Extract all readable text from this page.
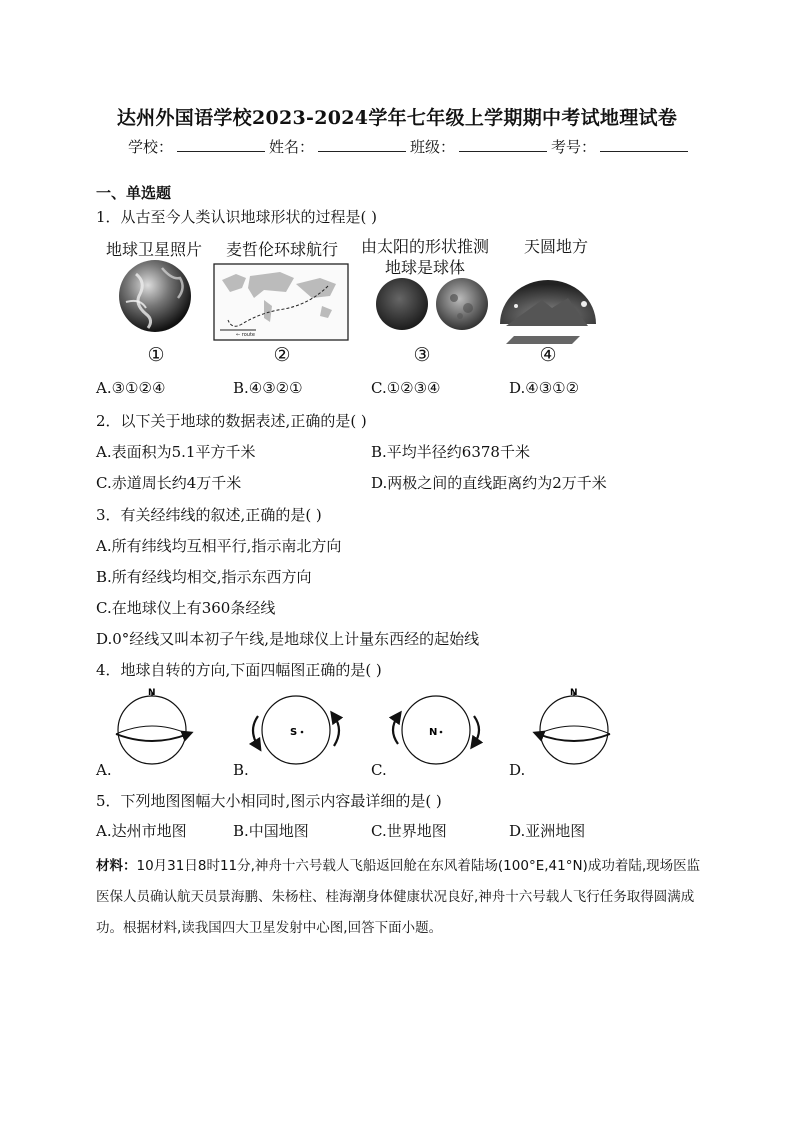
达州外国语学校2023-2024学年七年级上学期期中考试地理试卷
学校：	姓名：	班级：	考号：
一、单选题
1．从古至今人类认识地球形状的过程是( )
地球卫星照片	麦哲伦环球航行	由太阳的形状推测地球是球体
天圆地方
← route
①	②	③	④
A.③①②④	B.④③②①	C.①②③④	D.④③①②
2．以下关于地球的数据表述,正确的是( )
A.表面积为5.1平方千米	B.平均半径约6378千米
C.赤道周长约4万千米	D.两极之间的直线距离约为2万千米
3．有关经纬线的叙述,正确的是( )
A.所有纬线均互相平行,指示南北方向
B.所有经线均相交,指示东西方向
C.在地球仪上有360条经线
D.0°经线又叫本初子午线,是地球仪上计量东西经的起始线
4．地球自转的方向,下面四幅图正确的是( )
N
S	N
N
A.	B.	C.	D.
5．下列地图图幅大小相同时,图示内容最详细的是( )
A.达州市地图	B.中国地图	C.世界地图	D.亚洲地图
材料：10月31日8时11分,神舟十六号载人飞船返回舱在东风着陆场(100°E,41°N)成功着陆,现场医监医保人员确认航天员景海鹏、朱杨柱、桂海潮身体健康状况良好,神舟十六号载人飞行任务取得圆满成功。根据材料,读我国四大卫星发射中心图,回答下面小题。
